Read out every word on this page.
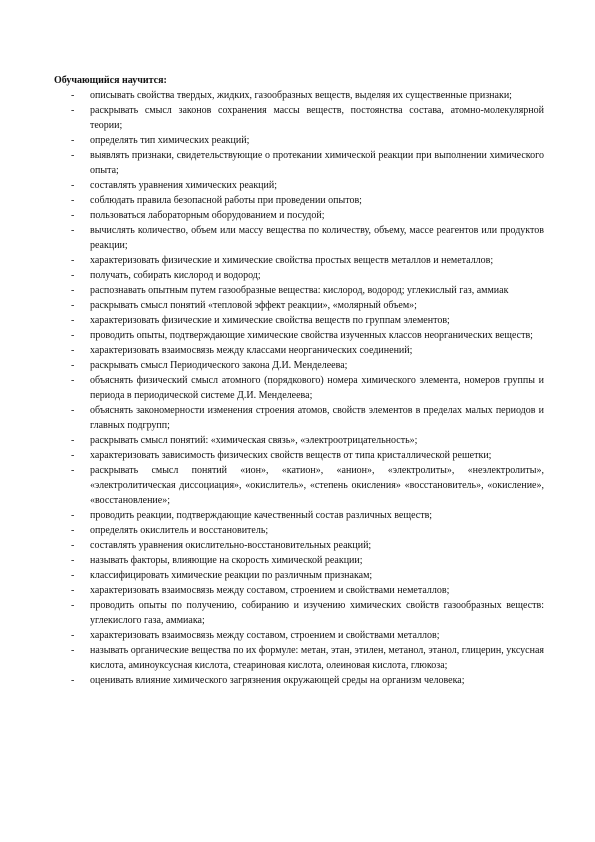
Обучающийся научится:
- описывать свойства твердых, жидких, газообразных веществ, выделяя их существенные признаки;
- раскрывать смысл законов сохранения массы веществ, постоянства состава, атомно-молекулярной теории;
- определять тип химических реакций;
- выявлять признаки, свидетельствующие о протекании химической реакции при выполнении химического опыта;
- составлять уравнения химических реакций;
- соблюдать правила безопасной работы при проведении опытов;
- пользоваться лабораторным оборудованием и посудой;
- вычислять количество, объем или массу вещества по количеству, объему, массе реагентов или продуктов реакции;
- характеризовать физические и химические свойства простых веществ металлов и неметаллов;
- получать, собирать кислород и водород;
- распознавать опытным путем газообразные вещества: кислород, водород; углекислый газ, аммиак
- раскрывать смысл понятий «тепловой эффект реакции», «молярный объем»;
- характеризовать физические и химические свойства веществ по группам элементов;
- проводить опыты, подтверждающие химические свойства изученных классов неорганических веществ;
- характеризовать взаимосвязь между классами неорганических соединений;
- раскрывать смысл Периодического закона Д.И. Менделеева;
- объяснять физический смысл атомного (порядкового) номера химического элемента, номеров группы и периода в периодической системе Д.И. Менделеева;
- объяснять закономерности изменения строения атомов, свойств элементов в пределах малых периодов и главных подгрупп;
- раскрывать смысл понятий: «химическая связь», «электроотрицательность»;
- характеризовать зависимость физических свойств веществ от типа кристаллической решетки;
- раскрывать смысл понятий «ион», «катион», «анион», «электролиты», «неэлектролиты», «электролитическая диссоциация», «окислитель», «степень окисления» «восстановитель», «окисление», «восстановление»;
- проводить реакции, подтверждающие качественный состав различных веществ;
- определять окислитель и восстановитель;
- составлять уравнения окислительно-восстановительных реакций;
- называть факторы, влияющие на скорость химической реакции;
- классифицировать химические реакции по различным признакам;
- характеризовать взаимосвязь между составом, строением и свойствами неметаллов;
- проводить опыты по получению, собиранию и изучению химических свойств газообразных веществ: углекислого газа, аммиака;
- характеризовать взаимосвязь между составом, строением и свойствами металлов;
- называть органические вещества по их формуле: метан, этан, этилен, метанол, этанол, глицерин, уксусная кислота, аминоуксусная кислота, стеариновая кислота, олеиновая кислота, глюкоза;
- оценивать влияние химического загрязнения окружающей среды на организм человека;
